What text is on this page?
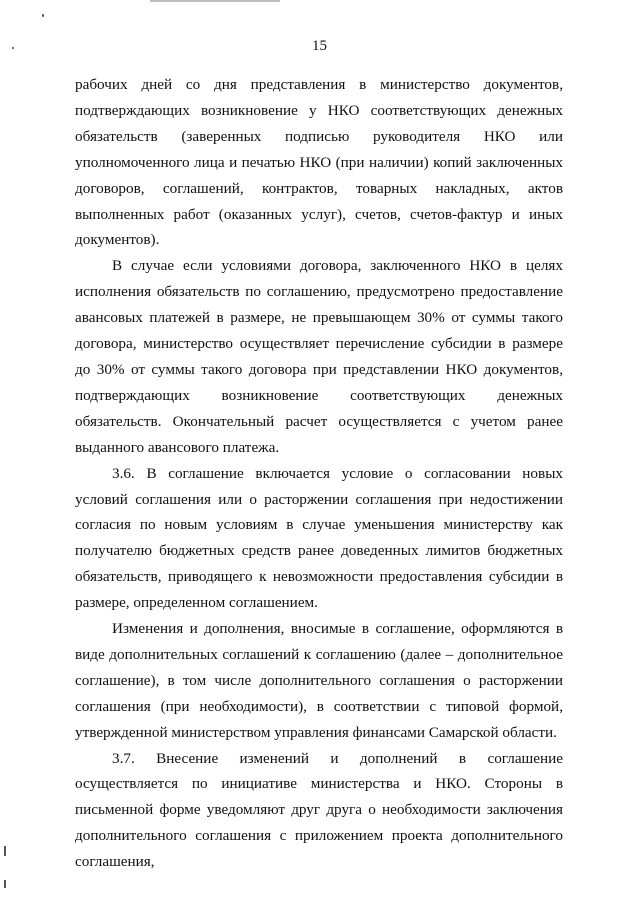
15

рабочих дней со дня представления в министерство документов, подтверждающих возникновение у НКО соответствующих денежных обязательств (заверенных подписью руководителя НКО или уполномоченного лица и печатью НКО (при наличии) копий заключенных договоров, соглашений, контрактов, товарных накладных, актов выполненных работ (оказанных услуг), счетов, счетов-фактур и иных документов).

В случае если условиями договора, заключенного НКО в целях исполнения обязательств по соглашению, предусмотрено предоставление авансовых платежей в размере, не превышающем 30% от суммы такого договора, министерство осуществляет перечисление субсидии в размере до 30% от суммы такого договора при представлении НКО документов, подтверждающих возникновение соответствующих денежных обязательств. Окончательный расчет осуществляется с учетом ранее выданного авансового платежа.

3.6. В соглашение включается условие о согласовании новых условий соглашения или о расторжении соглашения при недостижении согласия по новым условиям в случае уменьшения министерству как получателю бюджетных средств ранее доведенных лимитов бюджетных обязательств, приводящего к невозможности предоставления субсидии в размере, определенном соглашением.

Изменения и дополнения, вносимые в соглашение, оформляются в виде дополнительных соглашений к соглашению (далее – дополнительное соглашение), в том числе дополнительного соглашения о расторжении соглашения (при необходимости), в соответствии с типовой формой, утвержденной министерством управления финансами Самарской области.

3.7. Внесение изменений и дополнений в соглашение осуществляется по инициативе министерства и НКО. Стороны в письменной форме уведомляют друг друга о необходимости заключения дополнительного соглашения с приложением проекта дополнительного соглашения,
